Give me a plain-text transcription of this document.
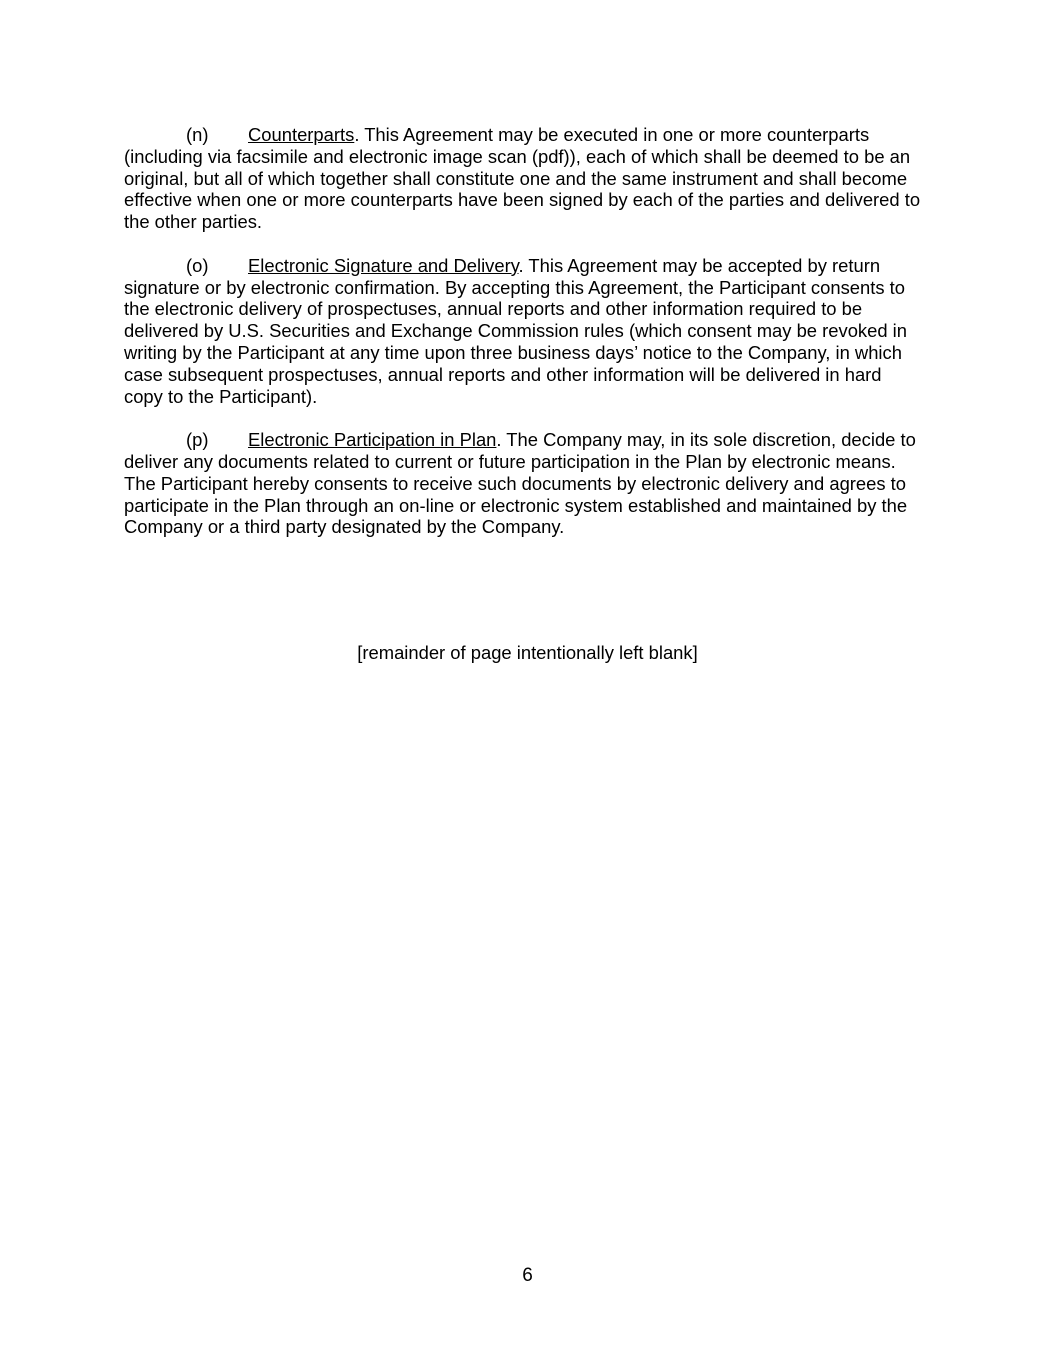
(n) Counterparts. This Agreement may be executed in one or more counterparts (including via facsimile and electronic image scan (pdf)), each of which shall be deemed to be an original, but all of which together shall constitute one and the same instrument and shall become effective when one or more counterparts have been signed by each of the parties and delivered to the other parties.

(o) Electronic Signature and Delivery. This Agreement may be accepted by return signature or by electronic confirmation. By accepting this Agreement, the Participant consents to the electronic delivery of prospectuses, annual reports and other information required to be delivered by U.S. Securities and Exchange Commission rules (which consent may be revoked in writing by the Participant at any time upon three business days’ notice to the Company, in which case subsequent prospectuses, annual reports and other information will be delivered in hard copy to the Participant).

(p) Electronic Participation in Plan. The Company may, in its sole discretion, decide to deliver any documents related to current or future participation in the Plan by electronic means. The Participant hereby consents to receive such documents by electronic delivery and agrees to participate in the Plan through an on-line or electronic system established and maintained by the Company or a third party designated by the Company.

[remainder of page intentionally left blank]
6
